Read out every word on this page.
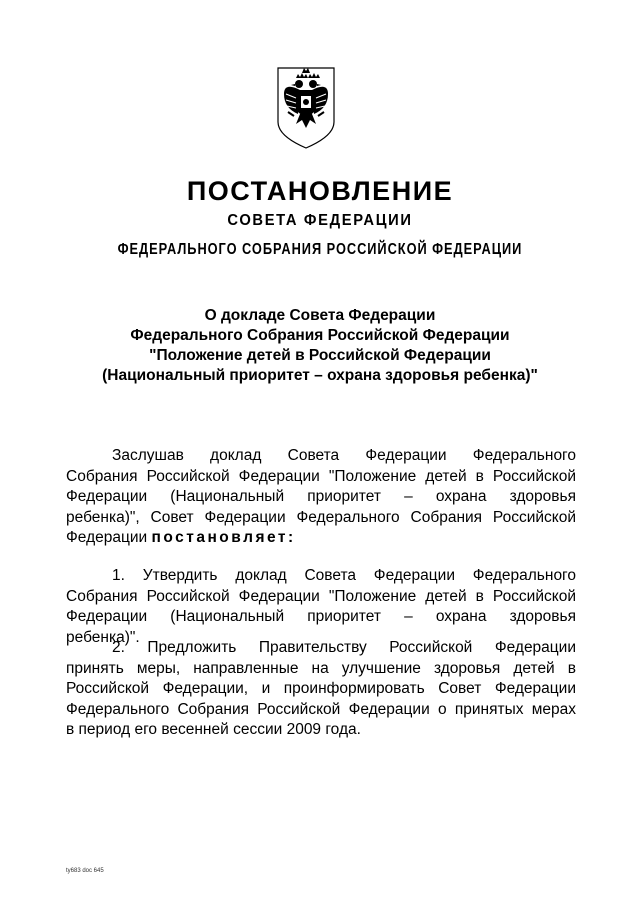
ПОСТАНОВЛЕНИЕ
СОВЕТА ФЕДЕРАЦИИ
ФЕДЕРАЛЬНОГО СОБРАНИЯ РОССИЙСКОЙ ФЕДЕРАЦИИ
О докладе Совета Федерации
Федерального Собрания Российской Федерации
"Положение детей в Российской Федерации
(Национальный приоритет – охрана здоровья ребенка)"
Заслушав доклад Совета Федерации Федерального
Собрания Российской Федерации "Положение детей в Российской
Федерации (Национальный приоритет – охрана здоровья
ребенка)", Совет Федерации Федерального Собрания Российской
Федерации постановляет:
1. Утвердить доклад Совета Федерации Федерального
Собрания Российской Федерации "Положение детей в Российской
Федерации (Национальный приоритет – охрана здоровья
ребенка)".
2. Предложить Правительству Российской Федерации
принять меры, направленные на улучшение здоровья детей в
Российской Федерации, и проинформировать Совет Федерации
Федерального Собрания Российской Федерации о принятых мерах
в период его весенней сессии 2009 года.
ty683 doc 645
